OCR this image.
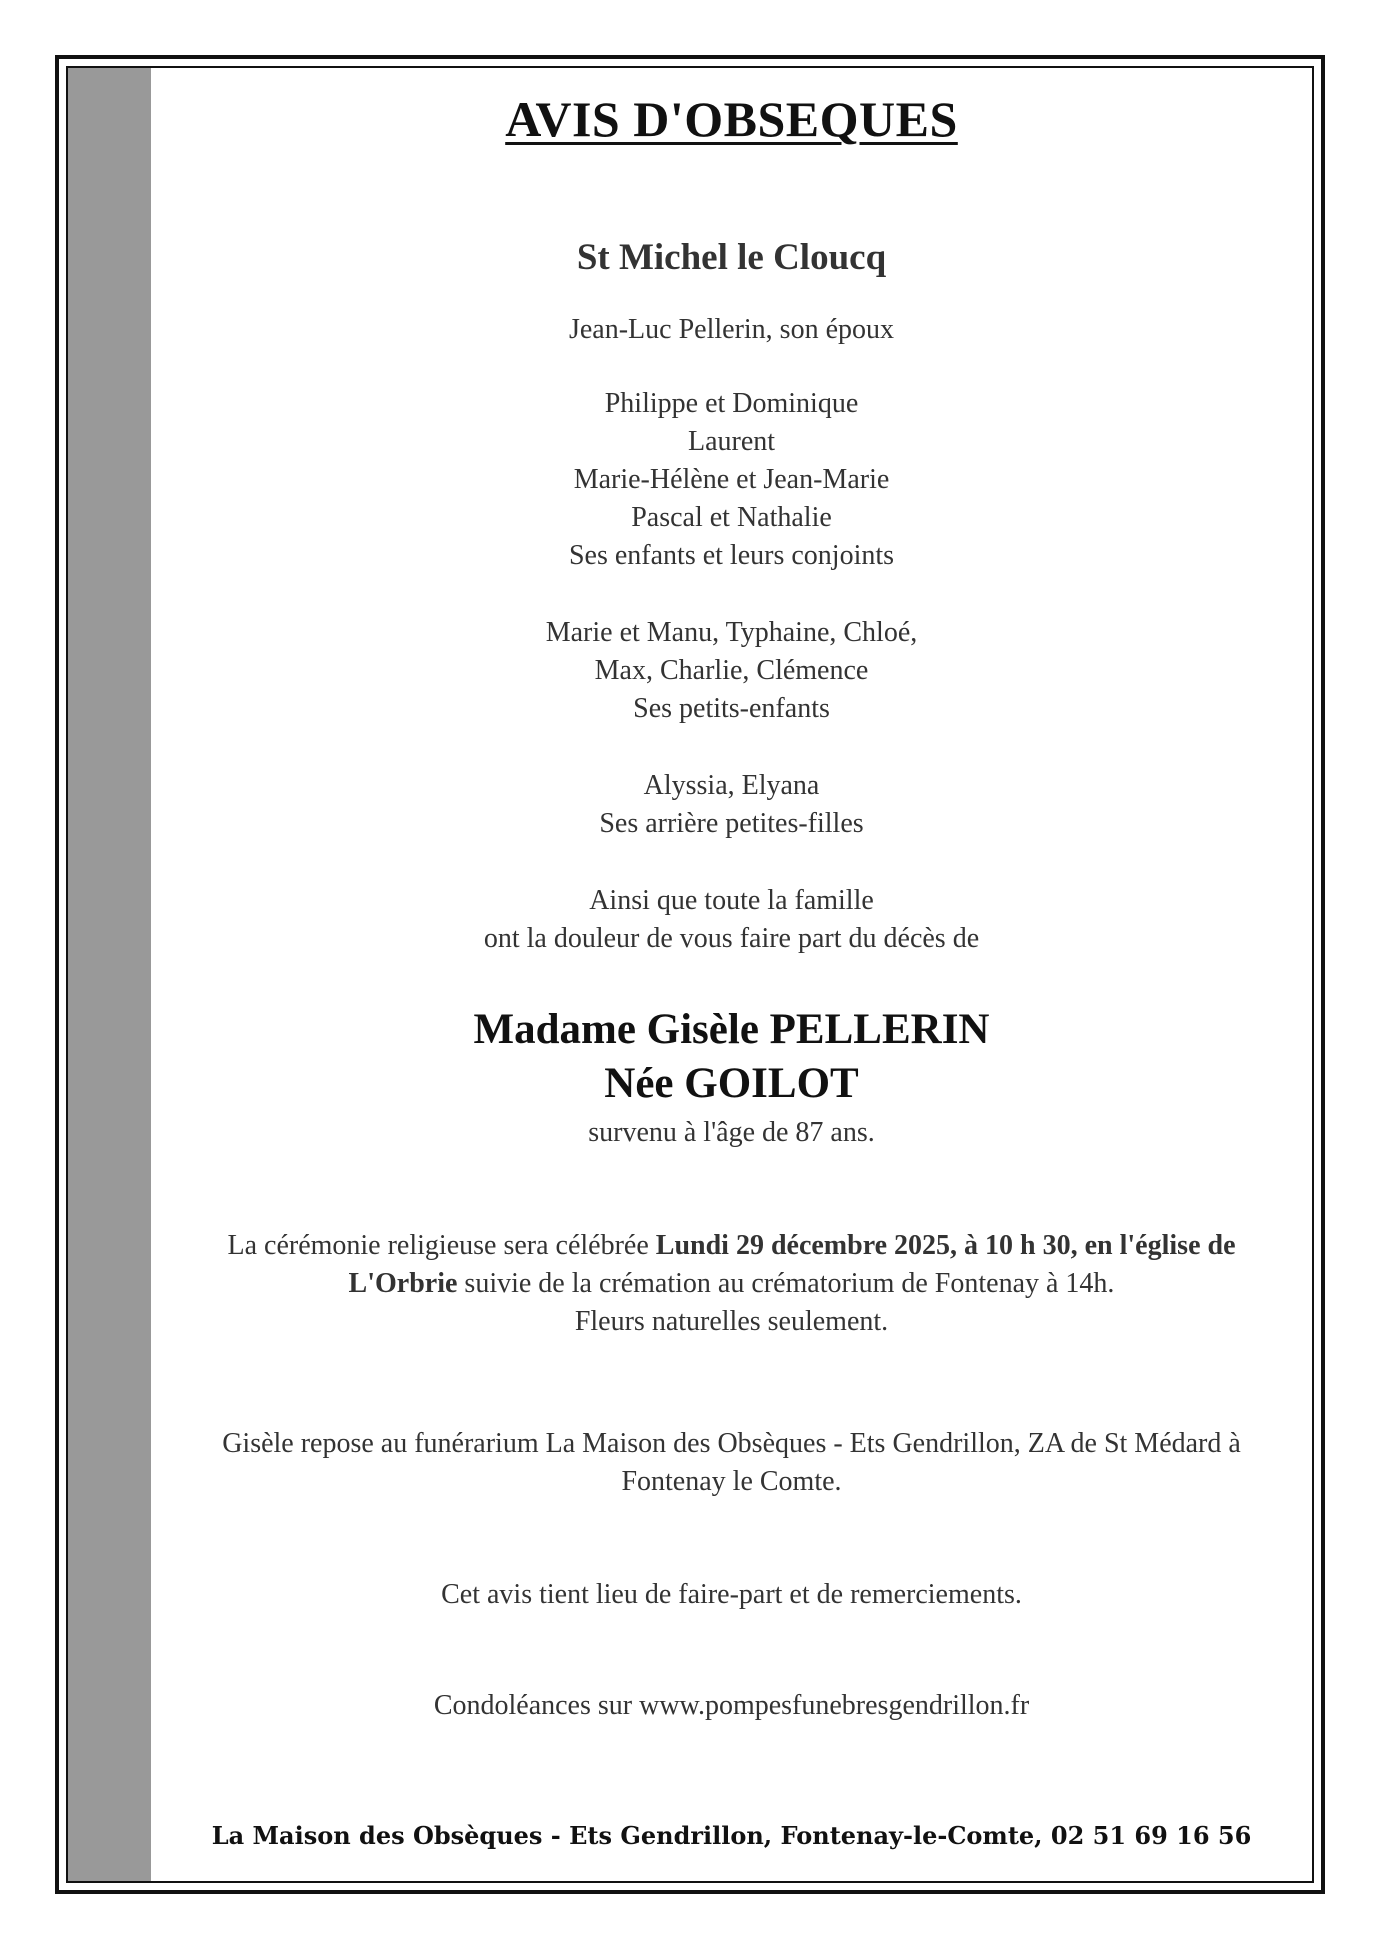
AVIS D'OBSEQUES
St Michel le Cloucq
Jean-Luc Pellerin, son époux
Philippe et Dominique
Laurent
Marie-Hélène et Jean-Marie
Pascal et Nathalie
Ses enfants et leurs conjoints
Marie et Manu, Typhaine, Chloé,
Max, Charlie, Clémence
Ses petits-enfants
Alyssia, Elyana
Ses arrière petites-filles
Ainsi que toute la famille
ont la douleur de vous faire part du décès de
Madame Gisèle PELLERIN
Née GOILOT
survenu à l'âge de 87 ans.
La cérémonie religieuse sera célébrée Lundi 29 décembre 2025, à 10 h 30, en l'église de L'Orbrie suivie de la crémation au crématorium de Fontenay à 14h.
Fleurs naturelles seulement.
Gisèle repose au funérarium La Maison des Obsèques - Ets Gendrillon, ZA de St Médard à Fontenay le Comte.
Cet avis tient lieu de faire-part et de remerciements.
Condoléances sur www.pompesfunebresgendrillon.fr
La Maison des Obsèques - Ets Gendrillon, Fontenay-le-Comte, 02 51 69 16 56
